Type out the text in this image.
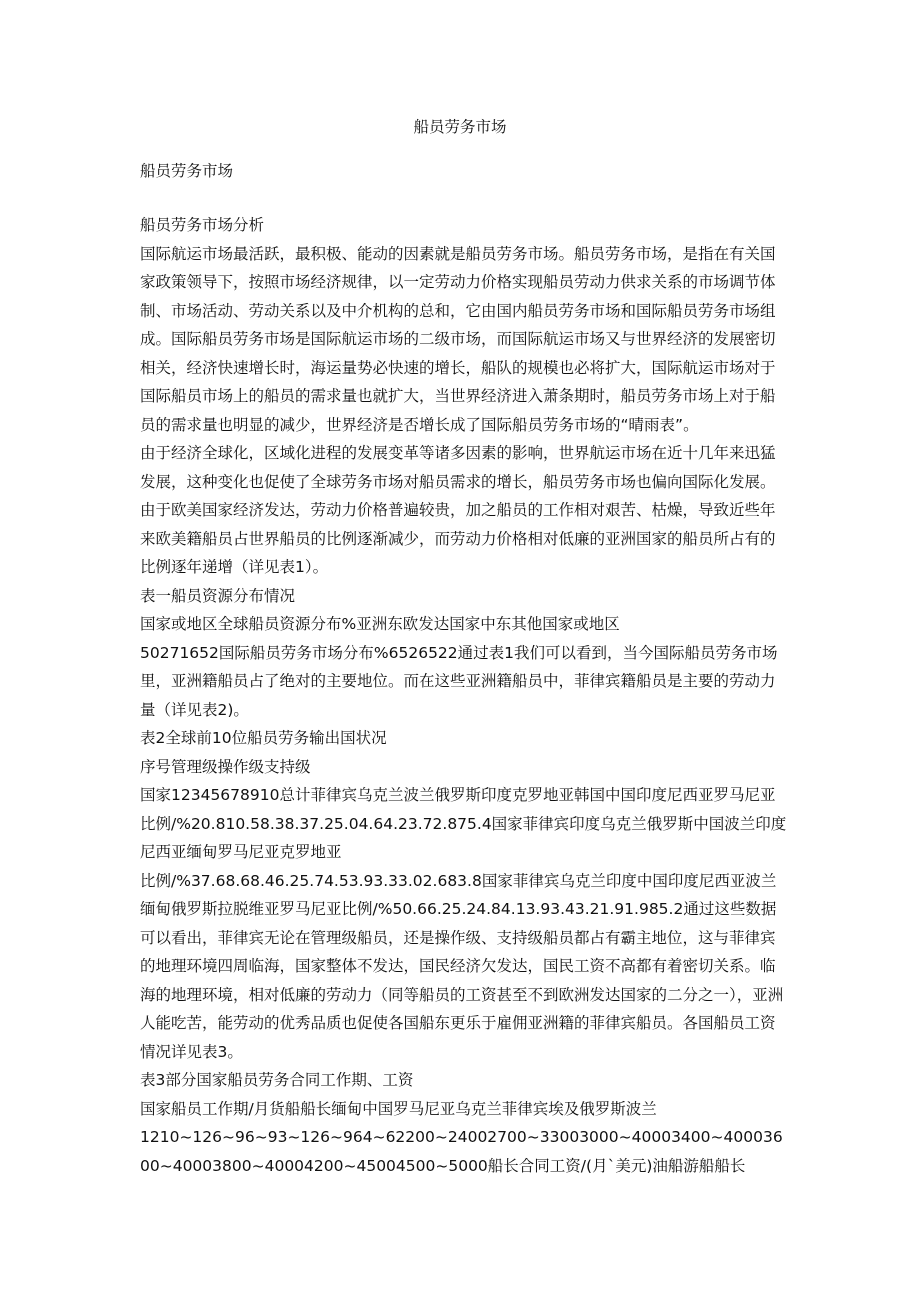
船员劳务市场

船员劳务市场

船员劳务市场分析

国际航运市场最活跃，最积极、能动的因素就是船员劳务市场。船员劳务市场，是指在有关国家政策领导下，按照市场经济规律，以一定劳动力价格实现船员劳动力供求关系的市场调节体制、市场活动、劳动关系以及中介机构的总和，它由国内船员劳务市场和国际船员劳务市场组成。国际船员劳务市场是国际航运市场的二级市场，而国际航运市场又与世界经济的发展密切相关，经济快速增长时，海运量势必快速的增长，船队的规模也必将扩大，国际航运市场对于国际船员市场上的船员的需求量也就扩大，当世界经济进入萧条期时，船员劳务市场上对于船员的需求量也明显的减少，世界经济是否增长成了国际船员劳务市场的“晴雨表”。

由于经济全球化，区域化进程的发展变革等诸多因素的影响，世界航运市场在近十几年来迅猛发展，这种变化也促使了全球劳务市场对船员需求的增长，船员劳务市场也偏向国际化发展。由于欧美国家经济发达，劳动力价格普遍较贵，加之船员的工作相对艰苦、枯燥，导致近些年来欧美籍船员占世界船员的比例逐渐减少，而劳动力价格相对低廉的亚洲国家的船员所占有的比例逐年递增（详见表1）。

表一船员资源分布情况

国家或地区全球船员资源分布%亚洲东欧发达国家中东其他国家或地区

50271652国际船员劳务市场分布%6526522通过表1我们可以看到，当今国际船员劳务市场里，亚洲籍船员占了绝对的主要地位。而在这些亚洲籍船员中，菲律宾籍船员是主要的劳动力量（详见表2)。

表2全球前10位船员劳务输出国状况

序号管理级操作级支持级

国家12345678910总计菲律宾乌克兰波兰俄罗斯印度克罗地亚韩国中国印度尼西亚罗马尼亚比例/%20.810.58.38.37.25.04.64.23.72.875.4国家菲律宾印度乌克兰俄罗斯中国波兰印度尼西亚缅甸罗马尼亚克罗地亚

比例/%37.68.68.46.25.74.53.93.33.02.683.8国家菲律宾乌克兰印度中国印度尼西亚波兰缅甸俄罗斯拉脱维亚罗马尼亚比例/%50.66.25.24.84.13.93.43.21.91.985.2通过这些数据可以看出，菲律宾无论在管理级船员，还是操作级、支持级船员都占有霸主地位，这与菲律宾的地理环境四周临海，国家整体不发达，国民经济欠发达，国民工资不高都有着密切关系。临海的地理环境，相对低廉的劳动力（同等船员的工资甚至不到欧洲发达国家的二分之一），亚洲人能吃苦，能劳动的优秀品质也促使各国船东更乐于雇佣亚洲籍的菲律宾船员。各国船员工资情况详见表3。

表3部分国家船员劳务合同工作期、工资

国家船员工作期/月货船船长缅甸中国罗马尼亚乌克兰菲律宾埃及俄罗斯波兰

1210~126~96~93~126~964~62200~24002700~33003000~40003400~40003600~40003800~40004200~45004500~5000船长合同工资/(月`美元)油船游船船长
